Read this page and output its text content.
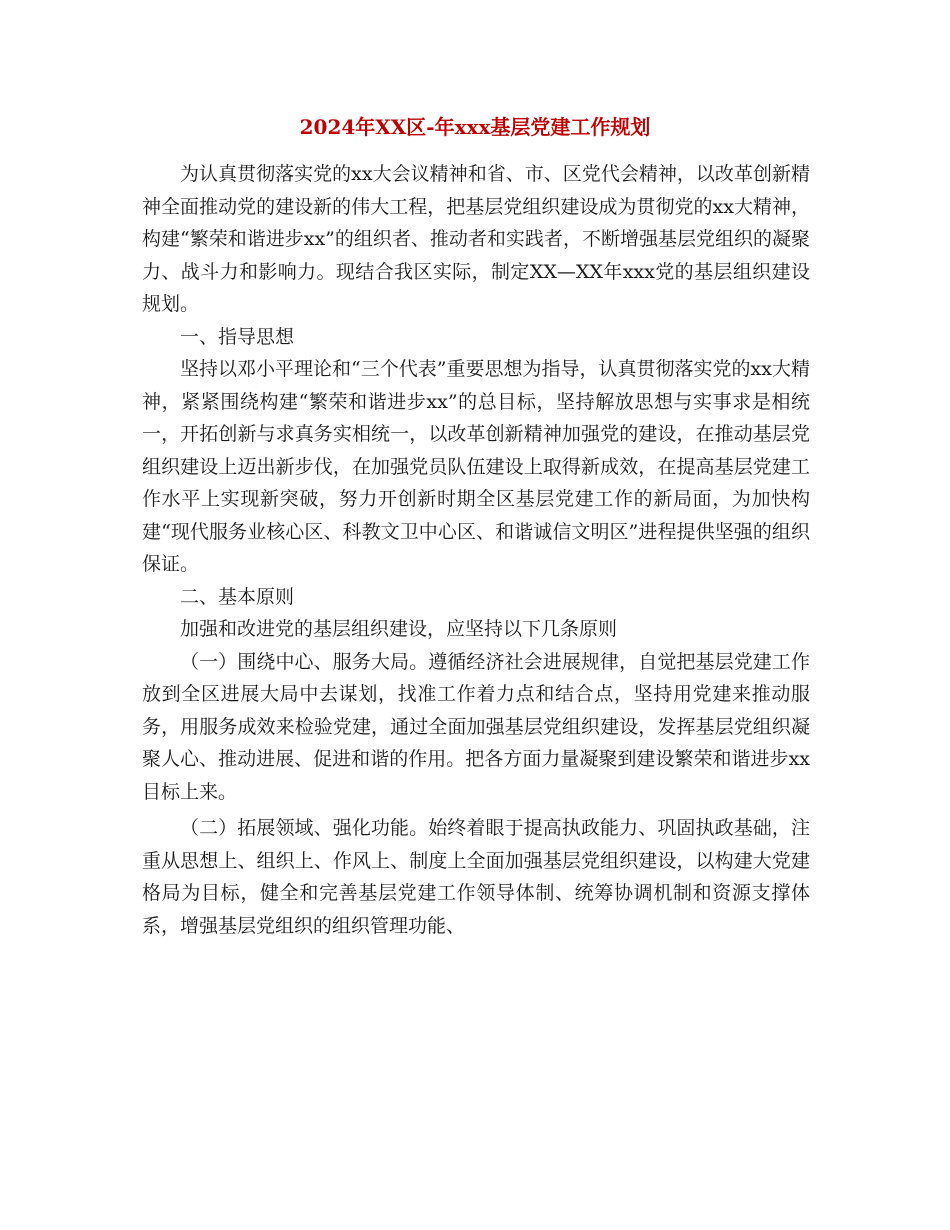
2024年XX区-年xxx基层党建工作规划

为认真贯彻落实党的xx大会议精神和省、市、区党代会精神，以改革创新精神全面推动党的建设新的伟大工程，把基层党组织建设成为贯彻党的xx大精神，构建“繁荣和谐进步xx”的组织者、推动者和实践者，不断增强基层党组织的凝聚力、战斗力和影响力。现结合我区实际，制定XX—XX年xxx党的基层组织建设规划。

一、指导思想

坚持以邓小平理论和“三个代表”重要思想为指导，认真贯彻落实党的xx大精神，紧紧围绕构建“繁荣和谐进步xx”的总目标，坚持解放思想与实事求是相统一，开拓创新与求真务实相统一，以改革创新精神加强党的建设，在推动基层党组织建设上迈出新步伐，在加强党员队伍建设上取得新成效，在提高基层党建工作水平上实现新突破，努力开创新时期全区基层党建工作的新局面，为加快构建“现代服务业核心区、科教文卫中心区、和谐诚信文明区”进程提供坚强的组织保证。

二、基本原则

加强和改进党的基层组织建设，应坚持以下几条原则

（一）围绕中心、服务大局。遵循经济社会进展规律，自觉把基层党建工作放到全区进展大局中去谋划，找准工作着力点和结合点，坚持用党建来推动服务，用服务成效来检验党建，通过全面加强基层党组织建设，发挥基层党组织凝聚人心、推动进展、促进和谐的作用。把各方面力量凝聚到建设繁荣和谐进步xx目标上来。

（二）拓展领域、强化功能。始终着眼于提高执政能力、巩固执政基础，注重从思想上、组织上、作风上、制度上全面加强基层党组织建设，以构建大党建格局为目标，健全和完善基层党建工作领导体制、统筹协调机制和资源支撑体系，增强基层党组织的组织管理功能、
